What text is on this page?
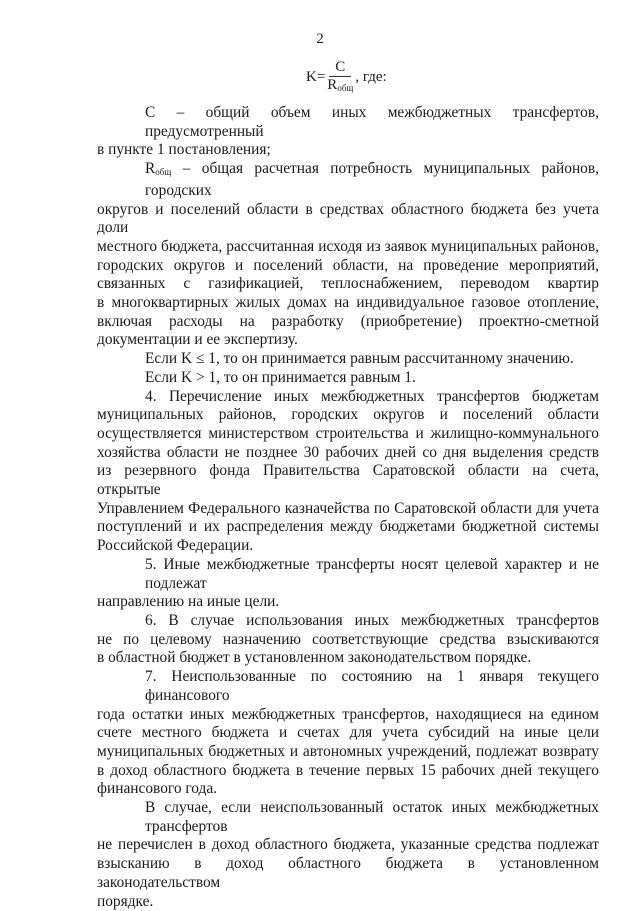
2
$K= \frac{C}{R_{общ}}$ , где:
С – общий объем иных межбюджетных трансфертов, предусмотренный
в пункте 1 постановления;
$R_{общ}$ – общая расчетная потребность муниципальных районов, городских
округов и поселений области в средствах областного бюджета без учета доли
местного бюджета, рассчитанная исходя из заявок муниципальных районов,
городских округов и поселений области, на проведение мероприятий,
связанных с газификацией, теплоснабжением, переводом квартир
в многоквартирных жилых домах на индивидуальное газовое отопление,
включая расходы на разработку (приобретение) проектно-сметной
документации и ее экспертизу.
Если K ≤ 1, то он принимается равным рассчитанному значению.
Если K > 1, то он принимается равным 1.
4. Перечисление иных межбюджетных трансфертов бюджетам
муниципальных районов, городских округов и поселений области
осуществляется министерством строительства и жилищно-коммунального
хозяйства области не позднее 30 рабочих дней со дня выделения средств
из резервного фонда Правительства Саратовской области на счета, открытые
Управлением Федерального казначейства по Саратовской области для учета
поступлений и их распределения между бюджетами бюджетной системы
Российской Федерации.
5. Иные межбюджетные трансферты носят целевой характер и не подлежат
направлению на иные цели.
6. В случае использования иных межбюджетных трансфертов
не по целевому назначению соответствующие средства взыскиваются
в областной бюджет в установленном законодательством порядке.
7. Неиспользованные по состоянию на 1 января текущего финансового
года остатки иных межбюджетных трансфертов, находящиеся на едином
счете местного бюджета и счетах для учета субсидий на иные цели
муниципальных бюджетных и автономных учреждений, подлежат возврату
в доход областного бюджета в течение первых 15 рабочих дней текущего
финансового года.
В случае, если неиспользованный остаток иных межбюджетных трансфертов
не перечислен в доход областного бюджета, указанные средства подлежат
взысканию в доход областного бюджета в установленном законодательством
порядке.
